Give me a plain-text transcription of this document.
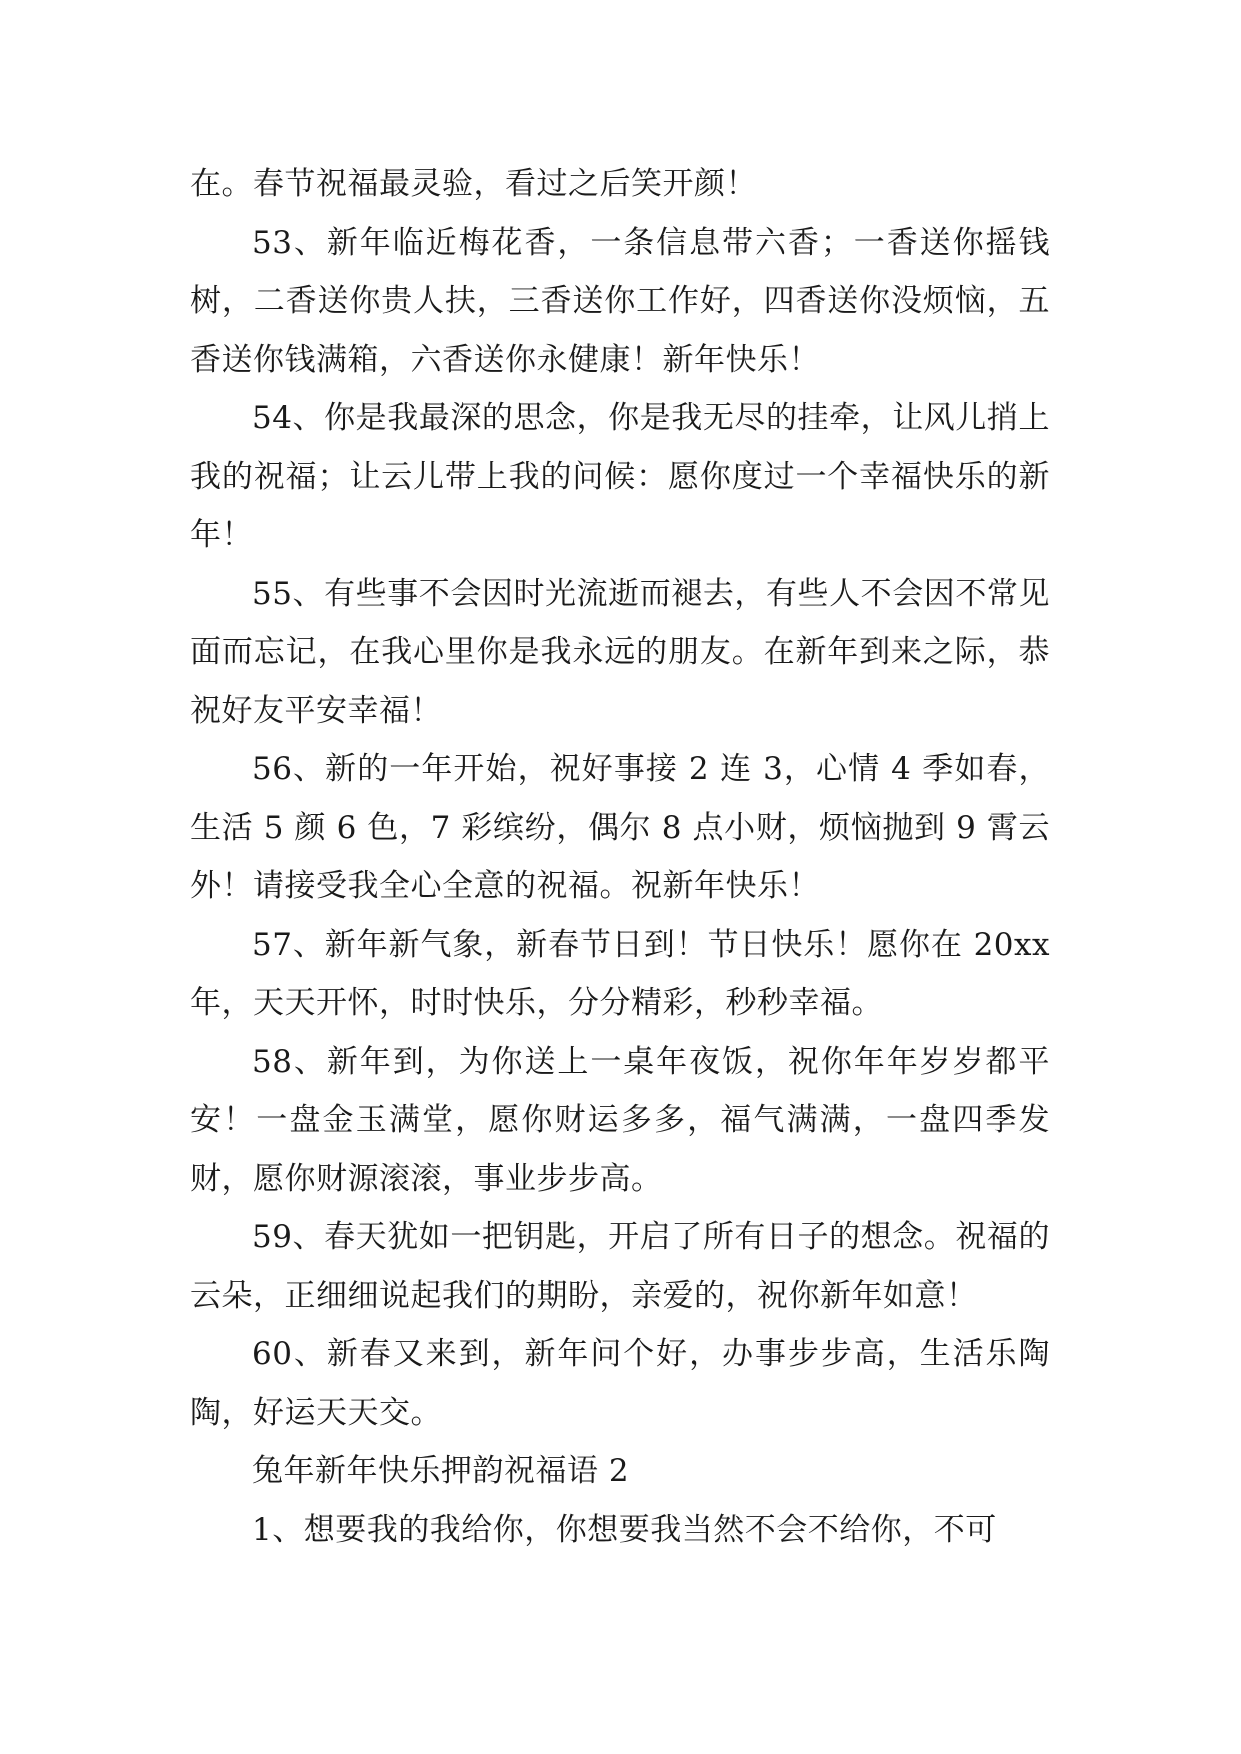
在。春节祝福最灵验，看过之后笑开颜！

53、新年临近梅花香，一条信息带六香；一香送你摇钱树，二香送你贵人扶，三香送你工作好，四香送你没烦恼，五香送你钱满箱，六香送你永健康！新年快乐！

54、你是我最深的思念，你是我无尽的挂牵，让风儿捎上我的祝福；让云儿带上我的问候：愿你度过一个幸福快乐的新年！

55、有些事不会因时光流逝而褪去，有些人不会因不常见面而忘记，在我心里你是我永远的朋友。在新年到来之际，恭祝好友平安幸福！

56、新的一年开始，祝好事接 2 连 3，心情 4 季如春，生活 5 颜 6 色，7 彩缤纷，偶尔 8 点小财，烦恼抛到 9 霄云外！请接受我全心全意的祝福。祝新年快乐！

57、新年新气象，新春节日到！节日快乐！愿你在 20xx 年，天天开怀，时时快乐，分分精彩，秒秒幸福。

58、新年到，为你送上一桌年夜饭，祝你年年岁岁都平安！一盘金玉满堂，愿你财运多多，福气满满，一盘四季发财，愿你财源滚滚，事业步步高。

59、春天犹如一把钥匙，开启了所有日子的想念。祝福的云朵，正细细说起我们的期盼，亲爱的，祝你新年如意！

60、新春又来到，新年问个好，办事步步高，生活乐陶陶，好运天天交。

兔年新年快乐押韵祝福语 2

1、想要我的我给你，你想要我当然不会不给你，不可
